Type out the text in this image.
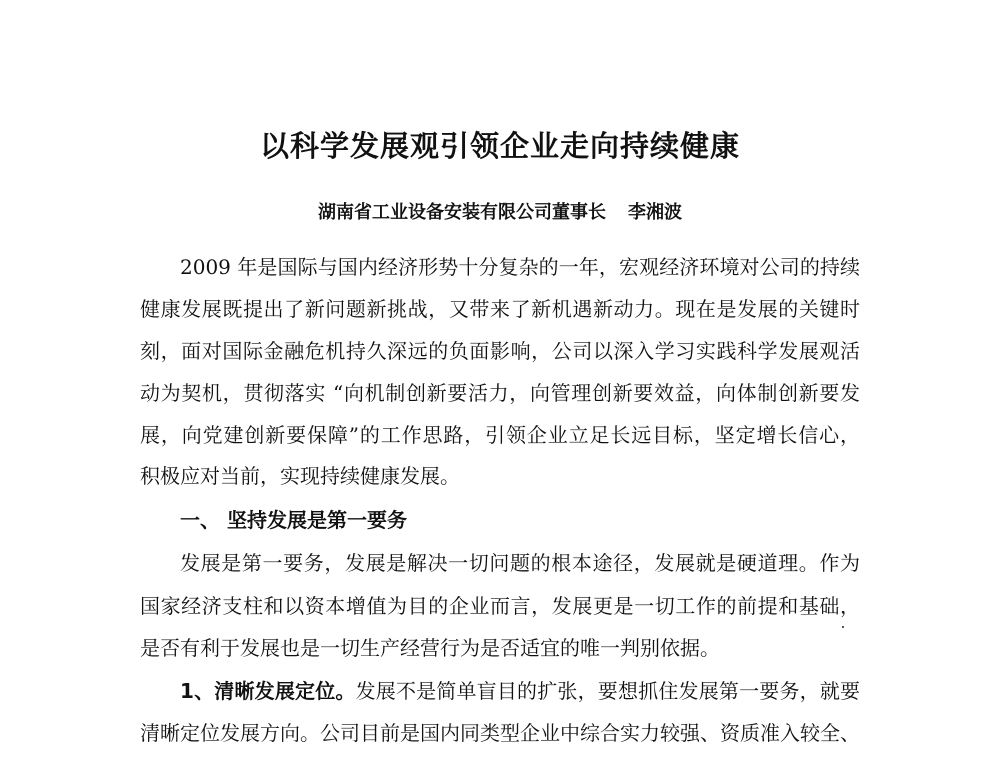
以科学发展观引领企业走向持续健康
湖南省工业设备安装有限公司董事长 李湘波
2009 年是国际与国内经济形势十分复杂的一年，宏观经济环境对公司的持续
健康发展既提出了新问题新挑战，又带来了新机遇新动力。现在是发展的关键时
刻，面对国际金融危机持久深远的负面影响，公司以深入学习实践科学发展观活
动为契机，贯彻落实 “向机制创新要活力，向管理创新要效益，向体制创新要发
展，向党建创新要保障”的工作思路，引领企业立足长远目标，坚定增长信心，
积极应对当前，实现持续健康发展。
一、 坚持发展是第一要务
发展是第一要务，发展是解决一切问题的根本途径，发展就是硬道理。作为
国家经济支柱和以资本增值为目的企业而言，发展更是一切工作的前提和基础，
是否有利于发展也是一切生产经营行为是否适宜的唯一判别依据。
1、清晰发展定位。发展不是简单盲目的扩张，要想抓住发展第一要务，就要
清晰定位发展方向。公司目前是国内同类型企业中综合实力较强、资质准入较全、
